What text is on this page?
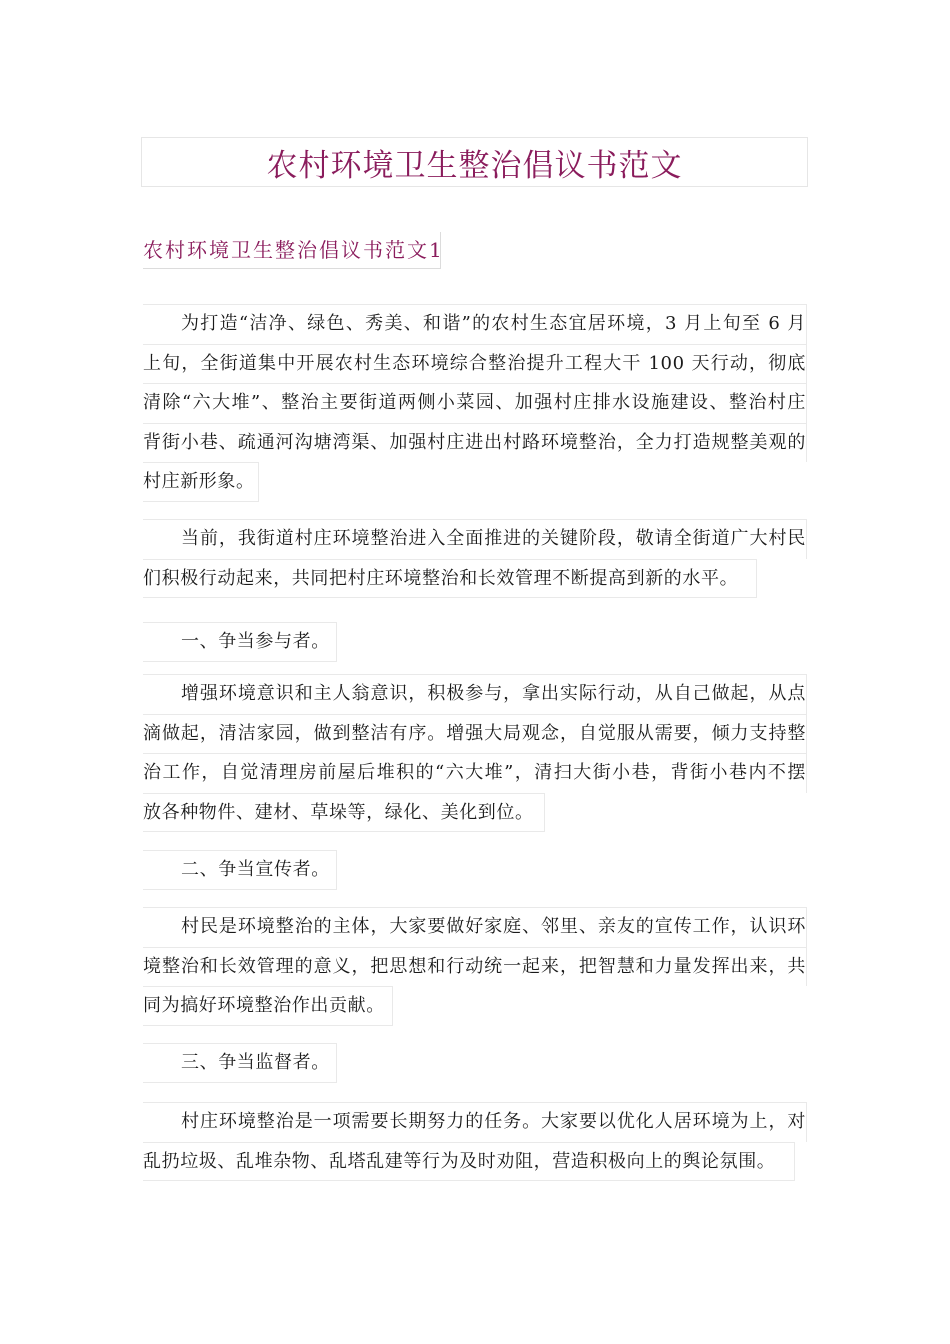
农村环境卫生整治倡议书范文
农村环境卫生整治倡议书范文1
为打造“洁净、绿色、秀美、和谐”的农村生态宜居环境，3 月上旬至 6 月
上旬，全街道集中开展农村生态环境综合整治提升工程大干 100 天行动，彻底
清除“六大堆”、整治主要街道两侧小菜园、加强村庄排水设施建设、整治村庄
背街小巷、疏通河沟塘湾渠、加强村庄进出村路环境整治，全力打造规整美观的
村庄新形象。
当前，我街道村庄环境整治进入全面推进的关键阶段，敬请全街道广大村民
们积极行动起来，共同把村庄环境整治和长效管理不断提高到新的水平。
一、争当参与者。
增强环境意识和主人翁意识，积极参与，拿出实际行动，从自己做起，从点
滴做起，清洁家园，做到整洁有序。增强大局观念，自觉服从需要，倾力支持整
治工作，自觉清理房前屋后堆积的“六大堆”，清扫大街小巷，背街小巷内不摆
放各种物件、建材、草垛等，绿化、美化到位。
二、争当宣传者。
村民是环境整治的主体，大家要做好家庭、邻里、亲友的宣传工作，认识环
境整治和长效管理的意义，把思想和行动统一起来，把智慧和力量发挥出来，共
同为搞好环境整治作出贡献。
三、争当监督者。
村庄环境整治是一项需要长期努力的任务。大家要以优化人居环境为上，对
乱扔垃圾、乱堆杂物、乱塔乱建等行为及时劝阻，营造积极向上的舆论氛围。
